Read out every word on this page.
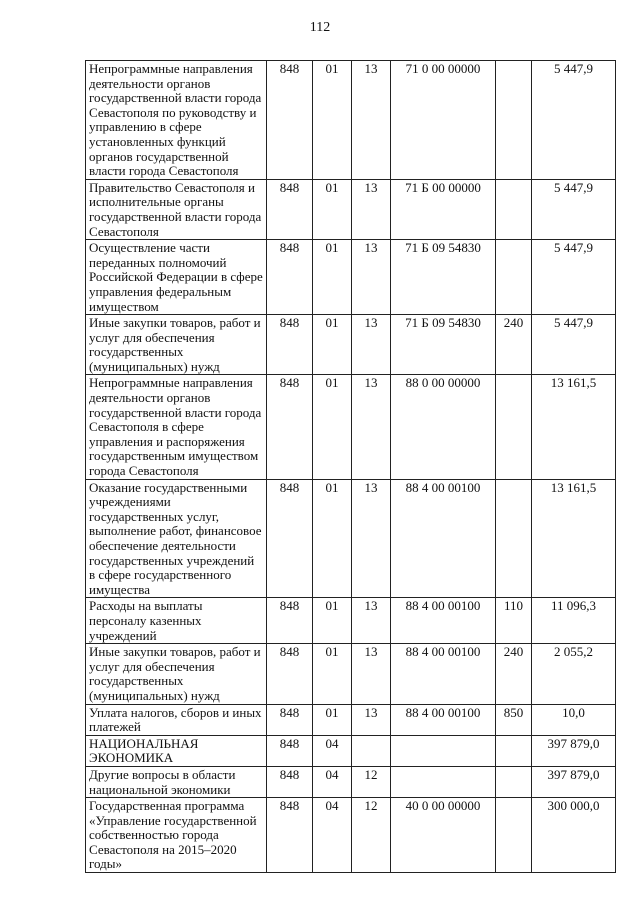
112
Непрограммные направления деятельности органов государственной власти города Севастополя по руководству и управлению в сфере установленных функций органов государственной власти города Севастополя	848	01	13	71 0 00 00000		5 447,9
Правительство Севастополя и исполнительные органы государственной власти города Севастополя	848	01	13	71 Б 00 00000		5 447,9
Осуществление части переданных полномочий Российской Федерации в сфере управления федеральным имуществом	848	01	13	71 Б 09 54830		5 447,9
Иные закупки товаров, работ и услуг для обеспечения государственных (муниципальных) нужд	848	01	13	71 Б 09 54830	240	5 447,9
Непрограммные направления деятельности органов государственной власти города Севастополя в сфере управления и распоряжения государственным имуществом города Севастополя	848	01	13	88 0 00 00000		13 161,5
Оказание государственными учреждениями государственных услуг, выполнение работ, финансовое обеспечение деятельности государственных учреждений в сфере государственного имущества	848	01	13	88 4 00 00100		13 161,5
Расходы на выплаты персоналу казенных учреждений	848	01	13	88 4 00 00100	110	11 096,3
Иные закупки товаров, работ и услуг для обеспечения государственных (муниципальных) нужд	848	01	13	88 4 00 00100	240	2 055,2
Уплата налогов, сборов и иных платежей	848	01	13	88 4 00 00100	850	10,0
НАЦИОНАЛЬНАЯ ЭКОНОМИКА	848	04				397 879,0
Другие вопросы в области национальной экономики	848	04	12			397 879,0
Государственная программа «Управление государственной собственностью города Севастополя на 2015–2020 годы»	848	04	12	40 0 00 00000		300 000,0
